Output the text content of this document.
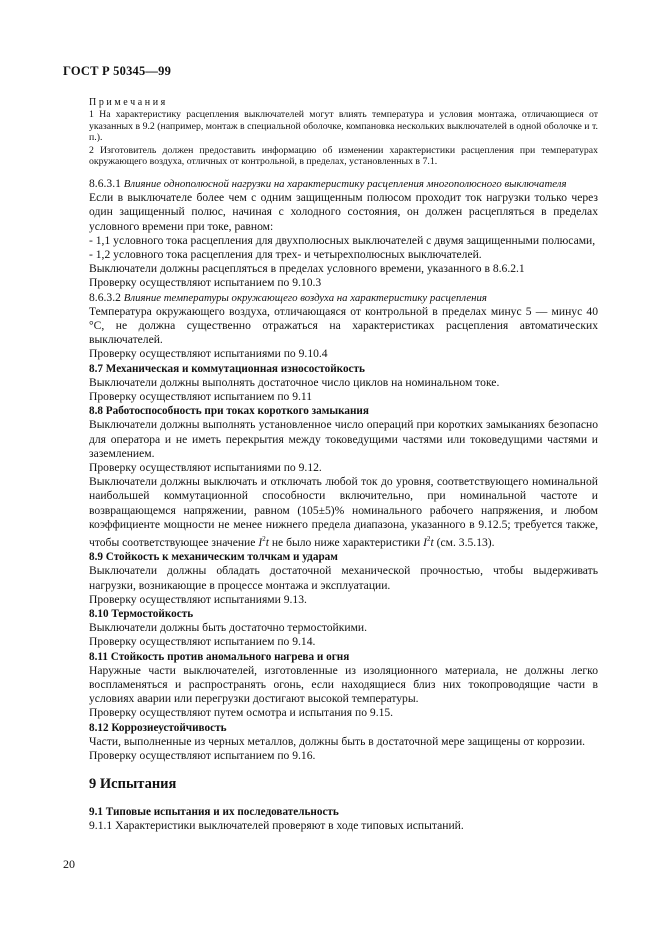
ГОСТ Р 50345—99

Примечания

1 На характеристику расцепления выключателей могут влиять температура и условия монтажа, отличающиеся от указанных в 9.2 (например, монтаж в специальной оболочке, компановка нескольких выключателей в одной оболочке и т. п.).

2 Изготовитель должен предоставить информацию об изменении характеристики расцепления при температурах окружающего воздуха, отличных от контрольной, в пределах, установленных в 7.1.

8.6.3.1 Влияние однополюсной нагрузки на характеристику расцепления многополюсного выключателя

Если в выключателе более чем с одним защищенным полюсом проходит ток нагрузки только через один защищенный полюс, начиная с холодного состояния, он должен расцепляться в пределах условного времени при токе, равном:

- 1,1 условного тока расцепления для двухполюсных выключателей с двумя защищенными полюсами,

- 1,2 условного тока расцепления для трех- и четырехполюсных выключателей.

Выключатели должны расцепляться в пределах условного времени, указанного в 8.6.2.1

Проверку осуществляют испытанием по 9.10.3

8.6.3.2 Влияние температуры окружающего воздуха на характеристику расцепления

Температура окружающего воздуха, отличающаяся от контрольной в пределах минус 5 — минус 40 °С, не должна существенно отражаться на характеристиках расцепления автоматических выключателей.

Проверку осуществляют испытаниями по 9.10.4

8.7 Механическая и коммутационная износостойкость

Выключатели должны выполнять достаточное число циклов на номинальном токе.

Проверку осуществляют испытанием по 9.11

8.8 Работоспособность при токах короткого замыкания

Выключатели должны выполнять установленное число операций при коротких замыканиях безопасно для оператора и не иметь перекрытия между токоведущими частями или токоведущими частями и заземлением.

Проверку осуществляют испытаниями по 9.12.

Выключатели должны выключать и отключать любой ток до уровня, соответствующего номинальной наибольшей коммутационной способности включительно, при номинальной частоте и возвращающемся напряжении, равном (105±5)% номинального рабочего напряжения, и любом коэффициенте мощности не менее нижнего предела диапазона, указанного в 9.12.5; требуется также, чтобы соответствующее значение $I^2t$ не было ниже характеристики $I^2t$ (см. 3.5.13).

8.9 Стойкость к механическим толчкам и ударам

Выключатели должны обладать достаточной механической прочностью, чтобы выдерживать нагрузки, возникающие в процессе монтажа и эксплуатации.

Проверку осуществляют испытаниями 9.13.

8.10 Термостойкость

Выключатели должны быть достаточно термостойкими.

Проверку осуществляют испытанием по 9.14.

8.11 Стойкость против аномального нагрева и огня

Наружные части выключателей, изготовленные из изоляционного материала, не должны легко воспламеняться и распространять огонь, если находящиеся близ них токопроводящие части в условиях аварии или перегрузки достигают высокой температуры.

Проверку осуществляют путем осмотра и испытания по 9.15.

8.12 Коррозиеустойчивость

Части, выполненные из черных металлов, должны быть в достаточной мере защищены от коррозии.

Проверку осуществляют испытанием по 9.16.

9 Испытания

9.1 Типовые испытания и их последовательность

9.1.1 Характеристики выключателей проверяют в ходе типовых испытаний.

20
